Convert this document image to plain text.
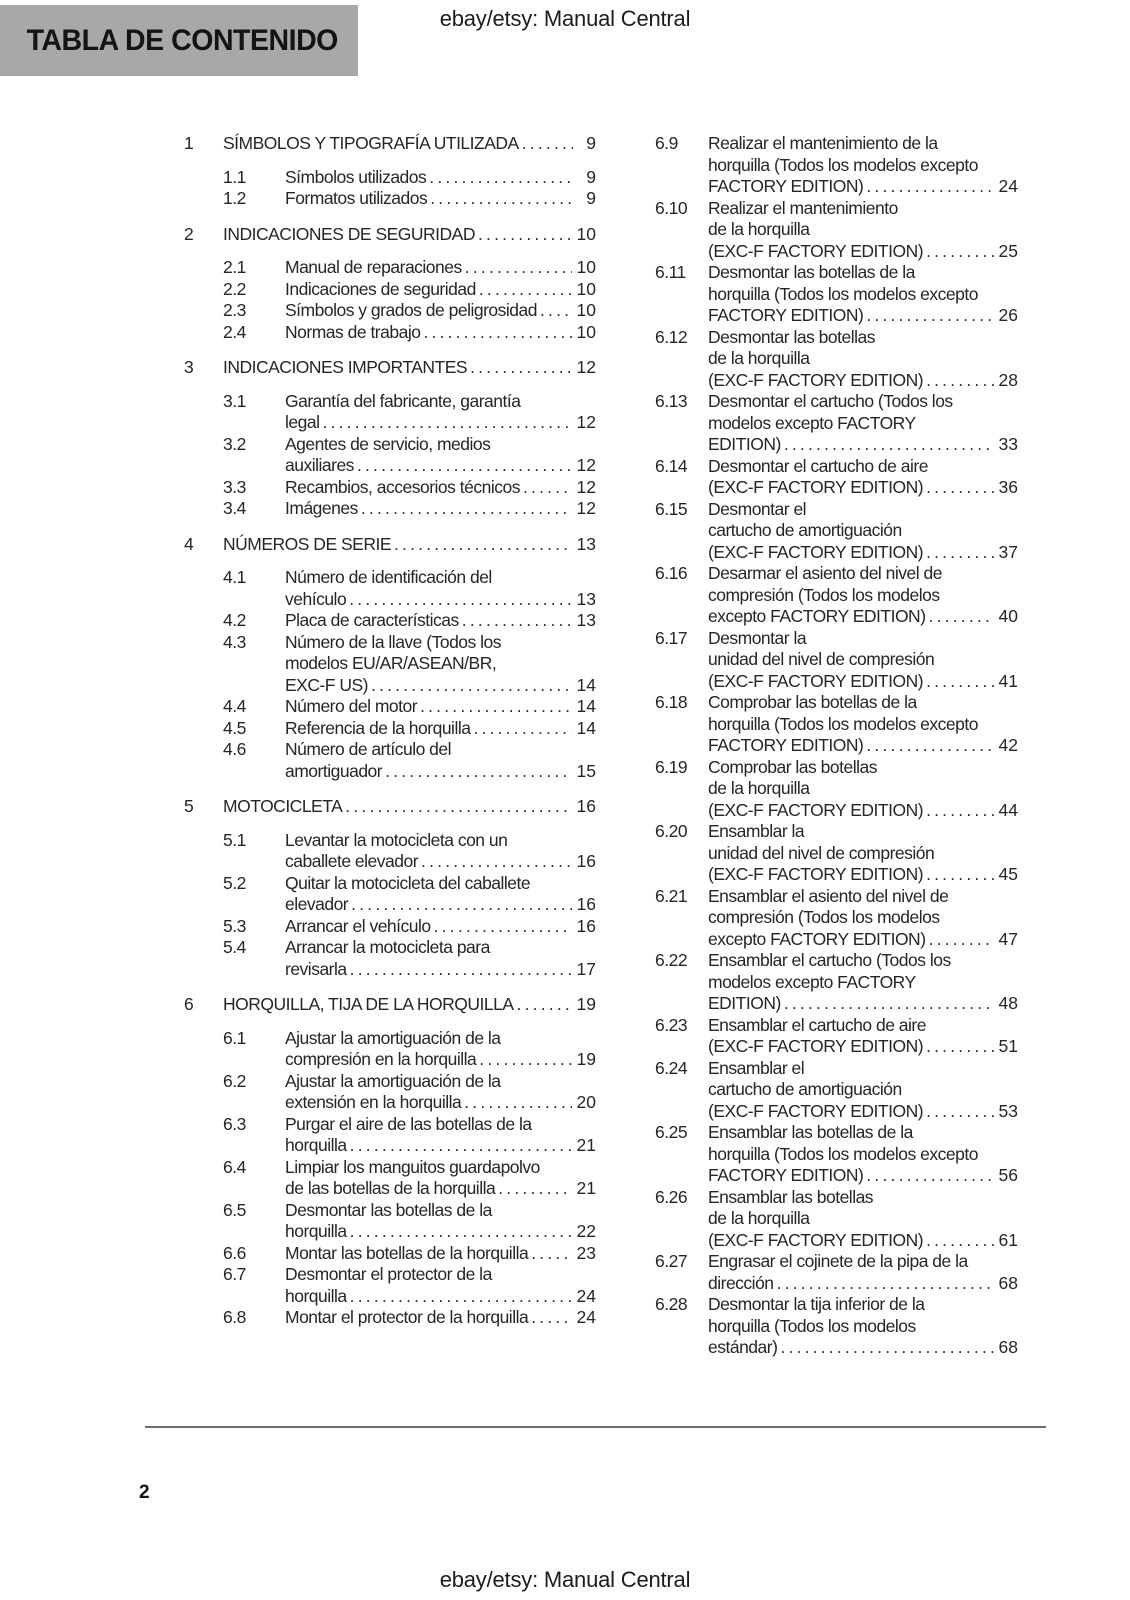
ebay/etsy: Manual Central
TABLA DE CONTENIDO
1	SÍMBOLOS Y TIPOGRAFÍA UTILIZADA .....	9
1.1	Símbolos utilizados .....	9
1.2	Formatos utilizados .....	9
2	INDICACIONES DE SEGURIDAD .....	10
2.1	Manual de reparaciones .....	10
2.2	Indicaciones de seguridad .....	10
2.3	Símbolos y grados de peligrosidad ..... 10
2.4	Normas de trabajo .....	10
3	INDICACIONES IMPORTANTES .....	12
3.1	Garantía del fabricante, garantía
legal .....	12
3.2	Agentes de servicio, medios
auxiliares .....	12
3.3	Recambios, accesorios técnicos .....	12
3.4	Imágenes .....	12
4	NÚMEROS DE SERIE .....	13
4.1	Número de identificación del
vehículo .....	13
4.2	Placa de características .....	13
4.3	Número de la llave (Todos los
modelos EU/AR/ASEAN/BR,
EXC-F US) .....	14
4.4	Número del motor .....	14
4.5	Referencia de la horquilla .....	14
4.6	Número de artículo del
amortiguador .....	15
5	MOTOCICLETA .....	16
5.1	Levantar la motocicleta con un
caballete elevador .....	16
5.2	Quitar la motocicleta del caballete
elevador .....	16
5.3	Arrancar el vehículo .....	16
5.4	Arrancar la motocicleta para
revisarla .....	17
6	HORQUILLA, TIJA DE LA HORQUILLA .....	19
6.1	Ajustar la amortiguación de la
compresión en la horquilla .....	19
6.2	Ajustar la amortiguación de la
extensión en la horquilla .....	20
6.3	Purgar el aire de las botellas de la
horquilla .....	21
6.4	Limpiar los manguitos guardapolvo
de las botellas de la horquilla .....	21
6.5	Desmontar las botellas de la
horquilla .....	22
6.6	Montar las botellas de la horquilla .....	23
6.7	Desmontar el protector de la
horquilla .....	24
6.8	Montar el protector de la horquilla .....	24
6.9	Realizar el mantenimiento de la
horquilla (Todos los modelos excepto
FACTORY EDITION) .....	24
6.10	Realizar el mantenimiento
de la horquilla
(EXC-F FACTORY EDITION) .....	25
6.11	Desmontar las botellas de la
horquilla (Todos los modelos excepto
FACTORY EDITION) .....	26
6.12	Desmontar las botellas
de la horquilla
(EXC-F FACTORY EDITION) .....	28
6.13	Desmontar el cartucho (Todos los
modelos excepto FACTORY
EDITION) .....	33
6.14	Desmontar el cartucho de aire
(EXC-F FACTORY EDITION) .....	36
6.15	Desmontar el
cartucho de amortiguación
(EXC-F FACTORY EDITION) .....	37
6.16	Desarmar el asiento del nivel de
compresión (Todos los modelos
excepto FACTORY EDITION) .....	40
6.17	Desmontar la
unidad del nivel de compresión
(EXC-F FACTORY EDITION) .....	41
6.18	Comprobar las botellas de la
horquilla (Todos los modelos excepto
FACTORY EDITION) .....	42
6.19	Comprobar las botellas
de la horquilla
(EXC-F FACTORY EDITION) .....	44
6.20	Ensamblar la
unidad del nivel de compresión
(EXC-F FACTORY EDITION) .....	45
6.21	Ensamblar el asiento del nivel de
compresión (Todos los modelos
excepto FACTORY EDITION) .....	47
6.22	Ensamblar el cartucho (Todos los
modelos excepto FACTORY
EDITION) .....	48
6.23	Ensamblar el cartucho de aire
(EXC-F FACTORY EDITION) .....	51
6.24	Ensamblar el
cartucho de amortiguación
(EXC-F FACTORY EDITION) .....	53
6.25	Ensamblar las botellas de la
horquilla (Todos los modelos excepto
FACTORY EDITION) .....	56
6.26	Ensamblar las botellas
de la horquilla
(EXC-F FACTORY EDITION) .....	61
6.27	Engrasar el cojinete de la pipa de la
dirección .....	68
6.28	Desmontar la tija inferior de la
horquilla (Todos los modelos
estándar) .....	68
2
ebay/etsy: Manual Central
